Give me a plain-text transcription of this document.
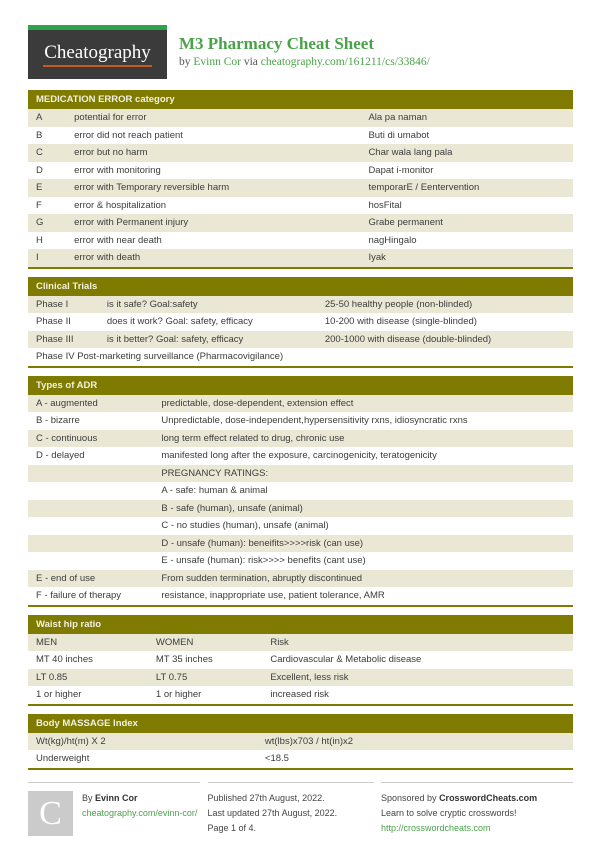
Cheatography M3 Pharmacy Cheat Sheet
by Evinn Cor via cheatography.com/161211/cs/33846/
MEDICATION ERROR category
A	potential for error	Ala pa naman
B	error did not reach patient	Buti di umabot
C	error but no harm	Char wala lang pala
D	error with monitoring	Dapat i-monitor
E	error with Temporary reversible harm	temporarE / Eentervention
F	error & hospitalization	hosFital
G	error with Permanent injury	Grabe permanent
H	error with near death	nagHingalo
I	error with death	Iyak
Clinical Trials
Phase I	is it safe? Goal:safety	25-50 healthy people (non-blinded)
Phase II	does it work? Goal: safety, efficacy	10-200 with disease (single-blinded)
Phase III	is it better? Goal: safety, efficacy	200-1000 with disease (double-blinded)
Phase IV Post-marketing surveillance (Pharmacovigilance)
Types of ADR
A - augmented	predictable, dose-dependent, extension effect
B - bizarre	Unpredictable, dose-independent,hypersensitivity rxns, idiosyncratic rxns
C - continuous	long term effect related to drug, chronic use
D - delayed	manifested long after the exposure, carcinogenicity, teratogenicity
PREGNANCY RATINGS:
A - safe: human & animal
B - safe (human), unsafe (animal)
C - no studies (human), unsafe (animal)
D - unsafe (human): beneifits>>>>risk (can use)
E - unsafe (human): risk>>>> benefits (cant use)
E - end of use	From sudden termination, abruptly discontinued
F - failure of therapy	resistance, inappropriate use, patient tolerance, AMR
Waist hip ratio
MEN	WOMEN	Risk
MT 40 inches	MT 35 inches	Cardiovascular & Metabolic disease
LT 0.85	LT 0.75	Excellent, less risk
1 or higher	1 or higher	increased risk
Body MASSAGE Index
Wt(kg)/ht(m) X 2	wt(lbs)x703 / ht(in)x2
Underweight	<18.5
C	By Evinn Cor
cheatography.com/evinn-cor/
Published 27th August, 2022.
Last updated 27th August, 2022.
Page 1 of 4.
Sponsored by CrosswordCheats.com
Learn to solve cryptic crosswords!
http://crosswordcheats.com
